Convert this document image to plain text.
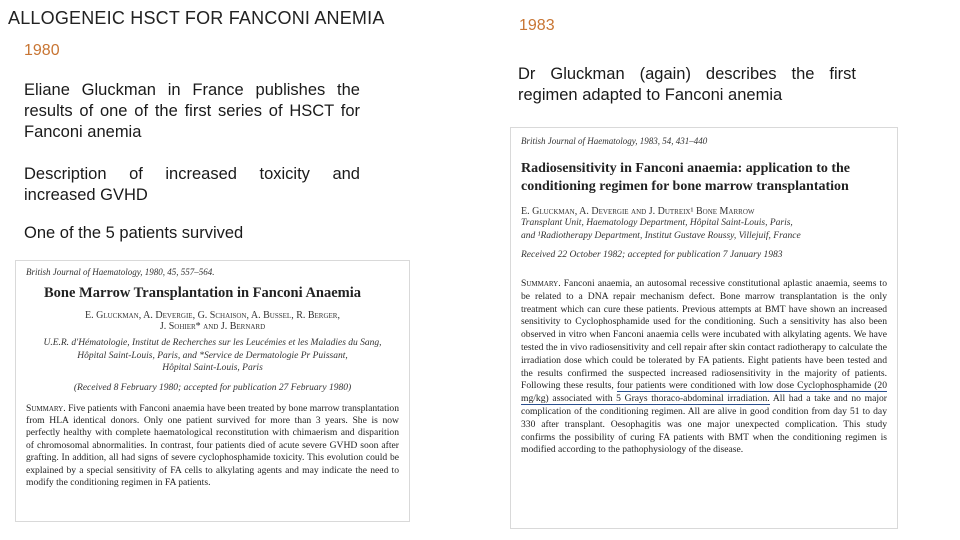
ALLOGENEIC HSCT FOR FANCONI ANEMIA
1980
Eliane Gluckman in France publishes the results of one of the first series of HSCT for Fanconi anemia
Description of increased toxicity and increased GVHD
One of the 5 patients survived
British Journal of Haematology, 1980, 45, 557–564.
Bone Marrow Transplantation in Fanconi Anaemia
E. Gluckman, A. Devergie, G. Schaison, A. Bussel, R. Berger,
J. Sohier* and J. Bernard
U.E.R. d'Hématologie, Institut de Recherches sur les Leucémies et les Maladies du Sang,
Hôpital Saint-Louis, Paris, and *Service de Dermatologie Pr Puissant,
Hôpital Saint-Louis, Paris
(Received 8 February 1980; accepted for publication 27 February 1980)
Summary. Five patients with Fanconi anaemia have been treated by bone marrow transplantation from HLA identical donors. Only one patient survived for more than 3 years. She is now perfectly healthy with complete haematological reconstitution with chimaerism and disparition of chromosomal abnormalities. In contrast, four patients died of acute severe GVHD soon after grafting. In addition, all had signs of severe cyclophosphamide toxicity. This evolution could be explained by a special sensitivity of FA cells to alkylating agents and may indicate the need to modify the conditioning regimen in FA patients.
1983
Dr Gluckman (again) describes the first regimen adapted to Fanconi anemia
British Journal of Haematology, 1983, 54, 431–440
Radiosensitivity in Fanconi anaemia: application to the conditioning regimen for bone marrow transplantation
E. Gluckman, A. Devergie and J. Dutreix¹ Bone Marrow
Transplant Unit, Haematology Department, Hôpital Saint-Louis, Paris,
and ¹Radiotherapy Department, Institut Gustave Roussy, Villejuif, France
Received 22 October 1982; accepted for publication 7 January 1983
Summary. Fanconi anaemia, an autosomal recessive constitutional aplastic anaemia, seems to be related to a DNA repair mechanism defect. Bone marrow transplantation is the only treatment which can cure these patients. Previous attempts at BMT have shown an increased sensitivity to Cyclophosphamide used for the conditioning. Such a sensitivity has also been observed in vitro when Fanconi anaemia cells were incubated with alkylating agents. We have tested the in vivo radiosensitivity and cell repair after skin contact radiotherapy to calculate the irradiation dose which could be tolerated by FA patients. Eight patients have been tested and the results confirmed the suspected increased radiosensitivity in the majority of patients. Following these results, four patients were conditioned with low dose Cyclophosphamide (20 mg/kg) associated with 5 Grays thoraco-abdominal irradiation. All had a take and no major complication of the conditioning regimen. All are alive in good condition from day 51 to day 330 after transplant. Oesophagitis was one major unexpected complication. This study confirms the possibility of curing FA patients with BMT when the conditioning regimen is modified according to the pathophysiology of the disease.
